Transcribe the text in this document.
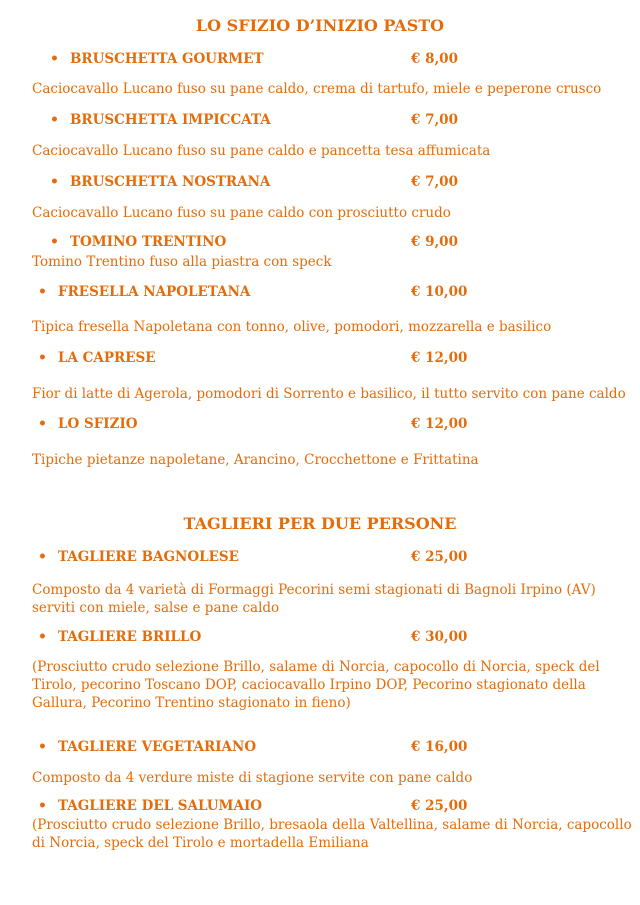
LO SFIZIO D’INIZIO PASTO
• BRUSCHETTA GOURMET	€ 8,00
Caciocavallo Lucano fuso su pane caldo, crema di tartufo, miele e peperone crusco
• BRUSCHETTA IMPICCATA	€ 7,00
Caciocavallo Lucano fuso su pane caldo e pancetta tesa affumicata
• BRUSCHETTA NOSTRANA	€ 7,00
Caciocavallo Lucano fuso su pane caldo con prosciutto crudo
• TOMINO TRENTINO	€ 9,00
Tomino Trentino fuso alla piastra con speck
• FRESELLA NAPOLETANA	€ 10,00
Tipica fresella Napoletana con tonno, olive, pomodori, mozzarella e basilico
• LA CAPRESE	€ 12,00
Fior di latte di Agerola, pomodori di Sorrento e basilico, il tutto servito con pane caldo
• LO SFIZIO	€ 12,00
Tipiche pietanze napoletane, Arancino, Crocchettone e Frittatina
TAGLIERI PER DUE PERSONE
• TAGLIERE BAGNOLESE	€ 25,00
Composto da 4 varietà di Formaggi Pecorini semi stagionati di Bagnoli Irpino (AV) serviti con miele, salse e pane caldo
• TAGLIERE BRILLO	€ 30,00
(Prosciutto crudo selezione Brillo, salame di Norcia, capocollo di Norcia, speck del Tirolo, pecorino Toscano DOP, caciocavallo Irpino DOP, Pecorino stagionato della Gallura, Pecorino Trentino stagionato in fieno)
• TAGLIERE VEGETARIANO	€ 16,00
Composto da 4 verdure miste di stagione servite con pane caldo
• TAGLIERE DEL SALUMAIO	€ 25,00
(Prosciutto crudo selezione Brillo, bresaola della Valtellina, salame di Norcia, capocollo di Norcia, speck del Tirolo e mortadella Emiliana
